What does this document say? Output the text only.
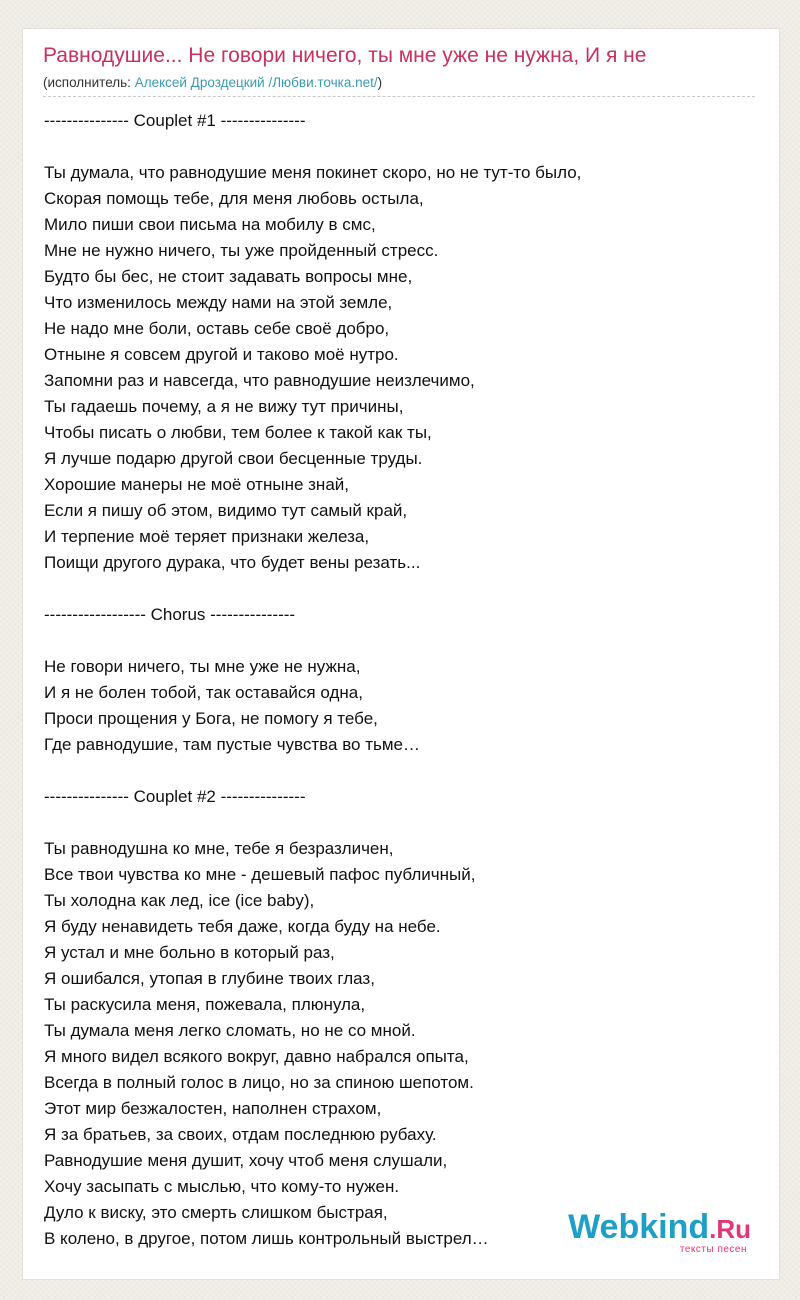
Равнодушие... Не говори ничего, ты мне уже не нужна, И я не
(исполнитель: Алексей Дроздецкий /Любви.точка.net/)
--------------- Couplet #1 ---------------
Ты думала, что равнодушие меня покинет скоро, но не тут-то было,
Скорая помощь тебе, для меня любовь остыла,
Мило пиши свои письма на мобилу в смс,
Мне не нужно ничего, ты уже пройденный стресс.
Будто бы бес, не стоит задавать вопросы мне,
Что изменилось между нами на этой земле,
Не надо мне боли, оставь себе своё добро,
Отныне я совсем другой и таково моё нутро.
Запомни раз и навсегда, что равнодушие неизлечимо,
Ты гадаешь почему, а я не вижу тут причины,
Чтобы писать о любви, тем более к такой как ты,
Я лучше подарю другой свои бесценные труды.
Хорошие манеры не моё отныне знай,
Если я пишу об этом, видимо тут самый край,
И терпение моё теряет признаки железа,
Поищи другого дурака, что будет вены резать...
------------------ Chorus ---------------
Не говори ничего, ты мне уже не нужна,
И я не болен тобой, так оставайся одна,
Проси прощения у Бога, не помогу я тебе,
Где равнодушие, там пустые чувства во тьме…
--------------- Couplet #2 ---------------
Ты равнодушна ко мне, тебе я безразличен,
Все твои чувства ко мне - дешевый пафос публичный,
Ты холодна как лед, ice (ice baby),
Я буду ненавидеть тебя даже, когда буду на небе.
Я устал и мне больно в который раз,
Я ошибался, утопая в глубине твоих глаз,
Ты раскусила меня, пожевала, плюнула,
Ты думала меня легко сломать, но не со мной.
Я много видел всякого вокруг, давно набрался опыта,
Всегда в полный голос в лицо, но за спиною шепотом.
Этот мир безжалостен, наполнен страхом,
Я за братьев, за своих, отдам последнюю рубаху.
Равнодушие меня душит, хочу чтоб меня слушали,
Хочу засыпать с мыслью, что кому-то нужен.
Дуло к виску, это смерть слишком быстрая,
В колено, в другое, потом лишь контрольный выстрел…	Webkind.Ru
тексты песен
